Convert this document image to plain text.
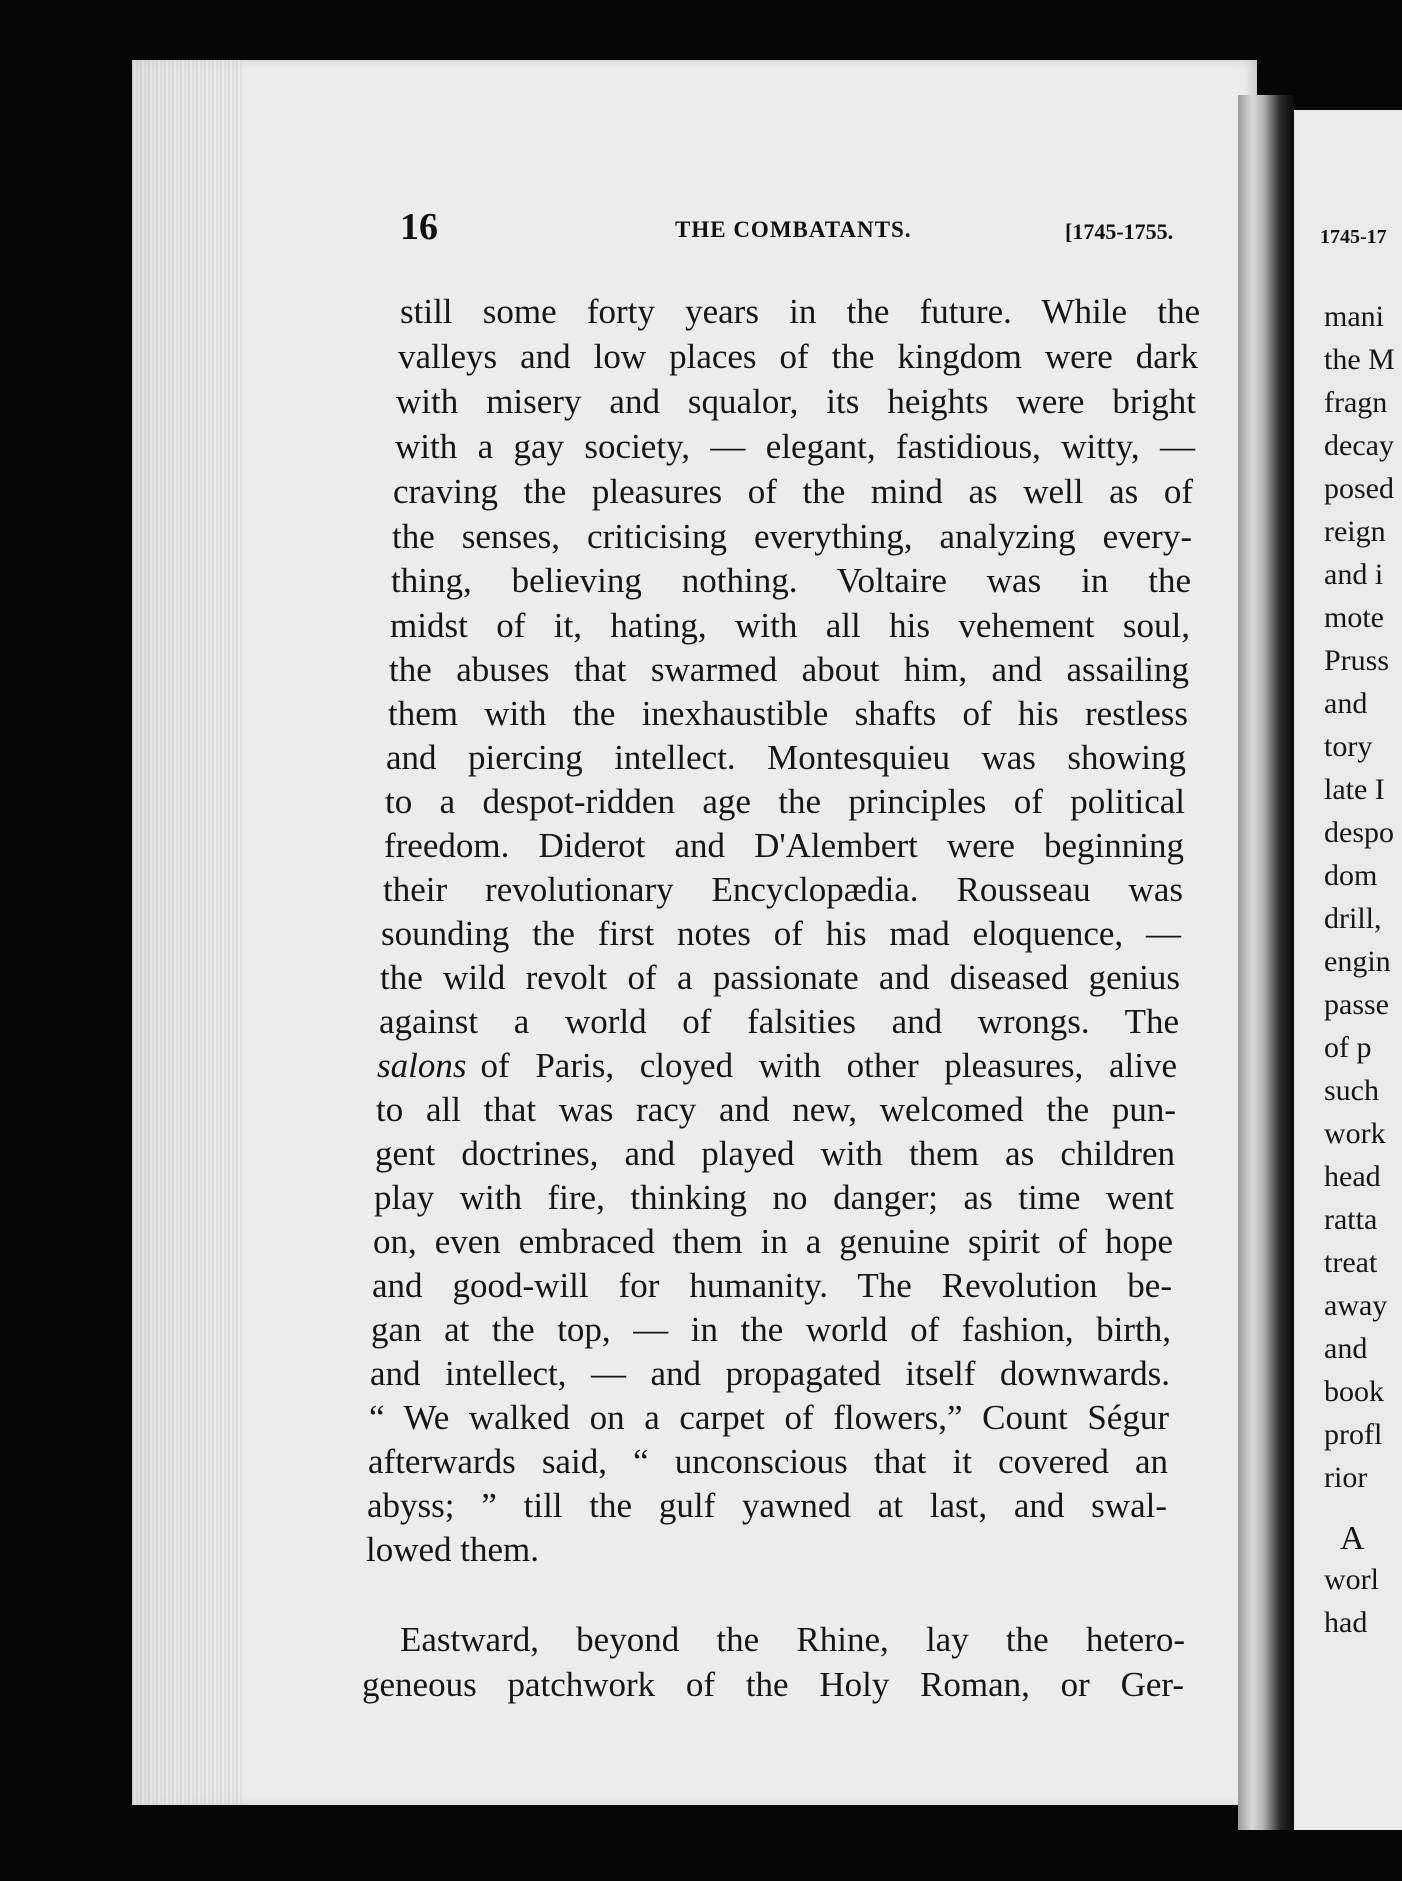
16	THE COMBATANTS.	[1745-1755.
still some forty years in the future. While the
valleys and low places of the kingdom were dark
with misery and squalor, its heights were bright
with a gay society, — elegant, fastidious, witty, —
craving the pleasures of the mind as well as of
the senses, criticising everything, analyzing every-
thing, believing nothing. Voltaire was in the
midst of it, hating, with all his vehement soul,
the abuses that swarmed about him, and assailing
them with the inexhaustible shafts of his restless
and piercing intellect. Montesquieu was showing
to a despot-ridden age the principles of political
freedom. Diderot and D'Alembert were beginning
their revolutionary Encyclopædia. Rousseau was
sounding the first notes of his mad eloquence, —
the wild revolt of a passionate and diseased genius
against a world of falsities and wrongs. The
salons of Paris, cloyed with other pleasures, alive
to all that was racy and new, welcomed the pun-
gent doctrines, and played with them as children
play with fire, thinking no danger; as time went
on, even embraced them in a genuine spirit of hope
and good-will for humanity. The Revolution be-
gan at the top, — in the world of fashion, birth,
and intellect, — and propagated itself downwards.
“ We walked on a carpet of flowers,” Count Ségur
afterwards said, “ unconscious that it covered an
abyss; ” till the gulf yawned at last, and swal-
lowed them.
Eastward, beyond the Rhine, lay the hetero-
geneous patchwork of the Holy Roman, or Ger-
1745-17
mani
the M
fragn
decay
posed
reign
and i
mote
Pruss
and
tory
late I
despo
dom
drill,
engin
passe
of p
such
work
head
ratta
treat
away
and
book
profl
rior
A
worl
had
